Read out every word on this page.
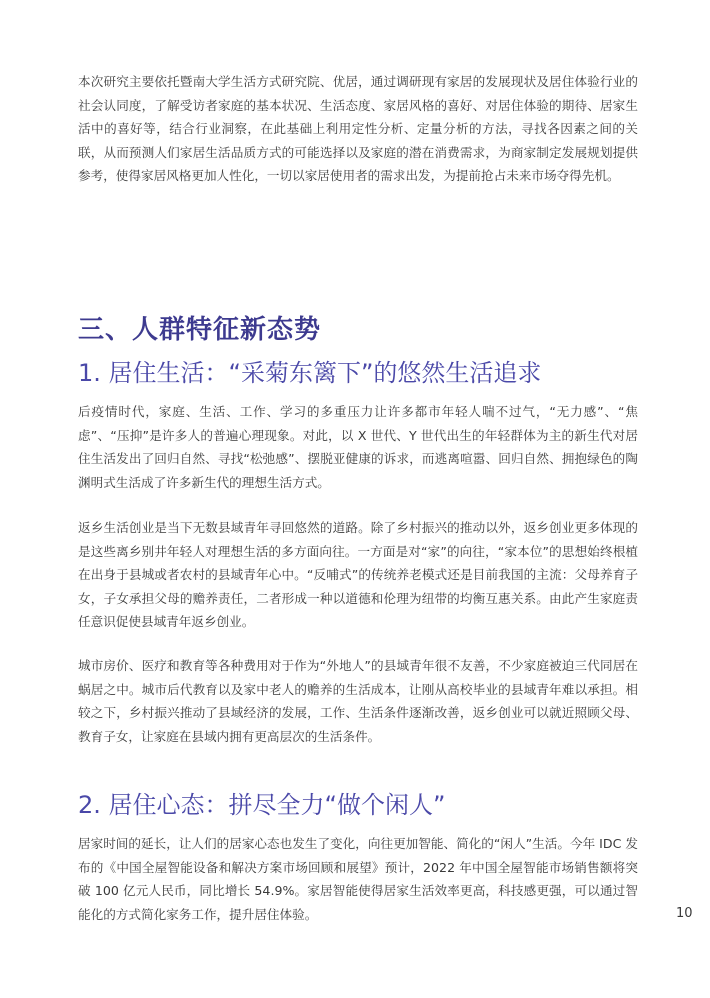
本次研究主要依托暨南大学生活方式研究院、优居，通过调研现有家居的发展现状及居住体验行业的社会认同度，了解受访者家庭的基本状况、生活态度、家居风格的喜好、对居住体验的期待、居家生活中的喜好等，结合行业洞察，在此基础上利用定性分析、定量分析的方法，寻找各因素之间的关联，从而预测人们家居生活品质方式的可能选择以及家庭的潜在消费需求，为商家制定发展规划提供参考，使得家居风格更加人性化，一切以家居使用者的需求出发，为提前抢占未来市场夺得先机。

三、人群特征新态势
1. 居住生活：“采菊东篱下”的悠然生活追求

后疫情时代，家庭、生活、工作、学习的多重压力让许多都市年轻人喘不过气，“无力感”、“焦虑”、“压抑”是许多人的普遍心理现象。对此，以 X 世代、Y 世代出生的年轻群体为主的新生代对居住生活发出了回归自然、寻找“松弛感”、摆脱亚健康的诉求，而逃离喧嚣、回归自然、拥抱绿色的陶渊明式生活成了许多新生代的理想生活方式。

返乡生活创业是当下无数县域青年寻回悠然的道路。除了乡村振兴的推动以外，返乡创业更多体现的是这些离乡别井年轻人对理想生活的多方面向往。一方面是对“家”的向往，“家本位”的思想始终根植在出身于县城或者农村的县域青年心中。“反哺式”的传统养老模式还是目前我国的主流：父母养育子女，子女承担父母的赡养责任，二者形成一种以道德和伦理为纽带的均衡互惠关系。由此产生家庭责任意识促使县域青年返乡创业。

城市房价、医疗和教育等各种费用对于作为“外地人”的县域青年很不友善，不少家庭被迫三代同居在蜗居之中。城市后代教育以及家中老人的赡养的生活成本，让刚从高校毕业的县域青年难以承担。相较之下，乡村振兴推动了县域经济的发展，工作、生活条件逐渐改善，返乡创业可以就近照顾父母、教育子女，让家庭在县域内拥有更高层次的生活条件。

2. 居住心态：拼尽全力“做个闲人”

居家时间的延长，让人们的居家心态也发生了变化，向往更加智能、简化的“闲人”生活。今年 IDC 发布的《中国全屋智能设备和解决方案市场回顾和展望》预计，2022 年中国全屋智能市场销售额将突破 100 亿元人民币，同比增长 54.9%。家居智能使得居家生活效率更高，科技感更强，可以通过智能化的方式简化家务工作，提升居住体验。	10
